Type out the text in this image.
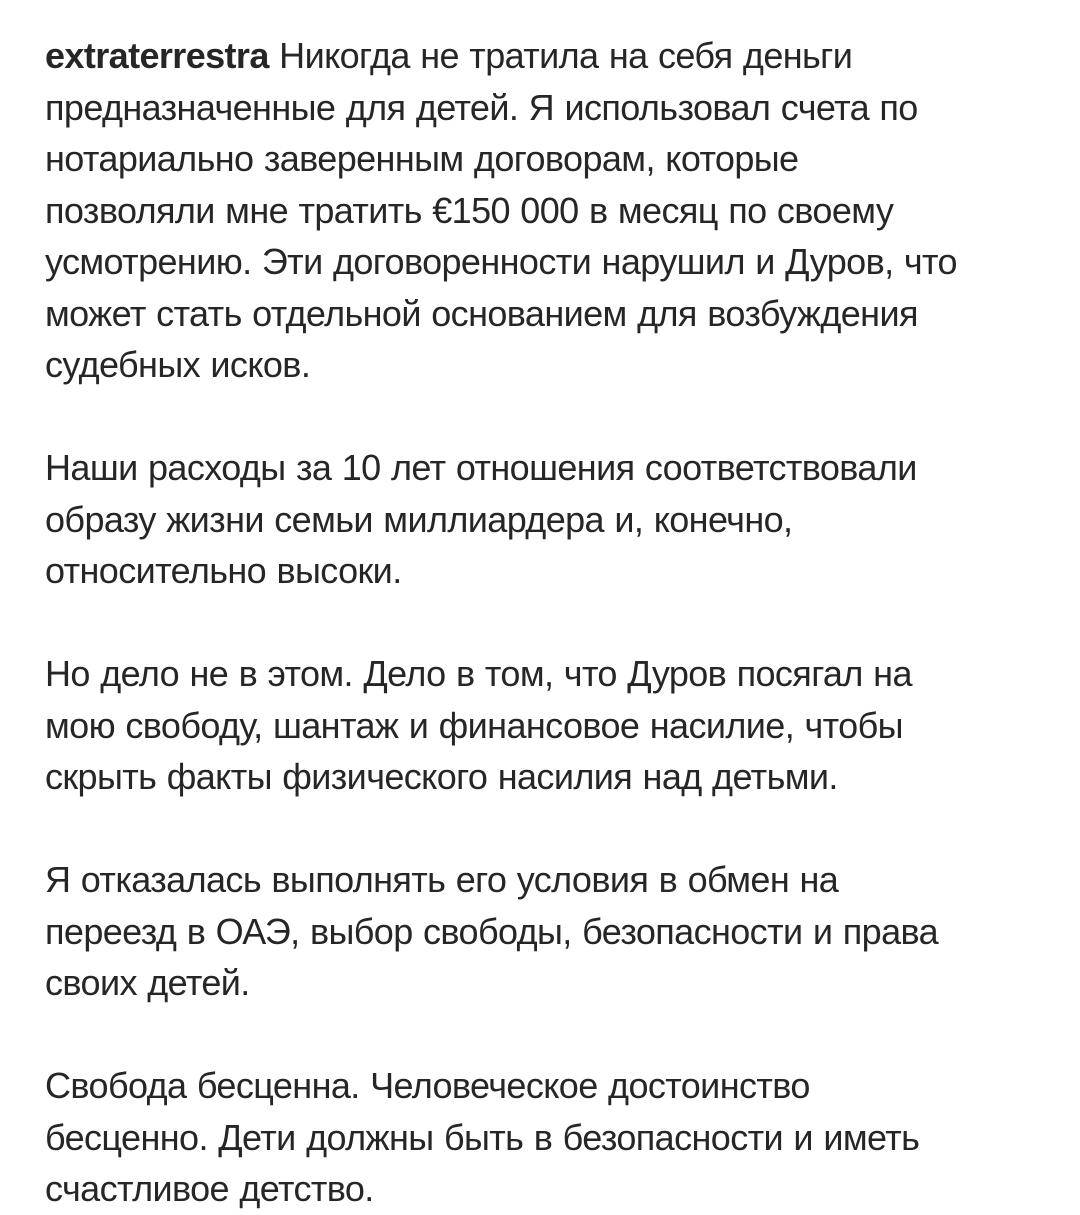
extraterrestra Никогда не тратила на себя деньги
предназначенные для детей. Я использовал счета по
нотариально заверенным договорам, которые
позволяли мне тратить €150 000 в месяц по своему
усмотрению. Эти договоренности нарушил и Дуров, что
может стать отдельной основанием для возбуждения
судебных исков.
Наши расходы за 10 лет отношения соответствовали
образу жизни семьи миллиардера и, конечно,
относительно высоки.
Но дело не в этом. Дело в том, что Дуров посягал на
мою свободу, шантаж и финансовое насилие, чтобы
скрыть факты физического насилия над детьми.
Я отказалась выполнять его условия в обмен на
переезд в ОАЭ, выбор свободы, безопасности и права
своих детей.
Свобода бесценна. Человеческое достоинство
бесценно. Дети должны быть в безопасности и иметь
счастливое детство.
